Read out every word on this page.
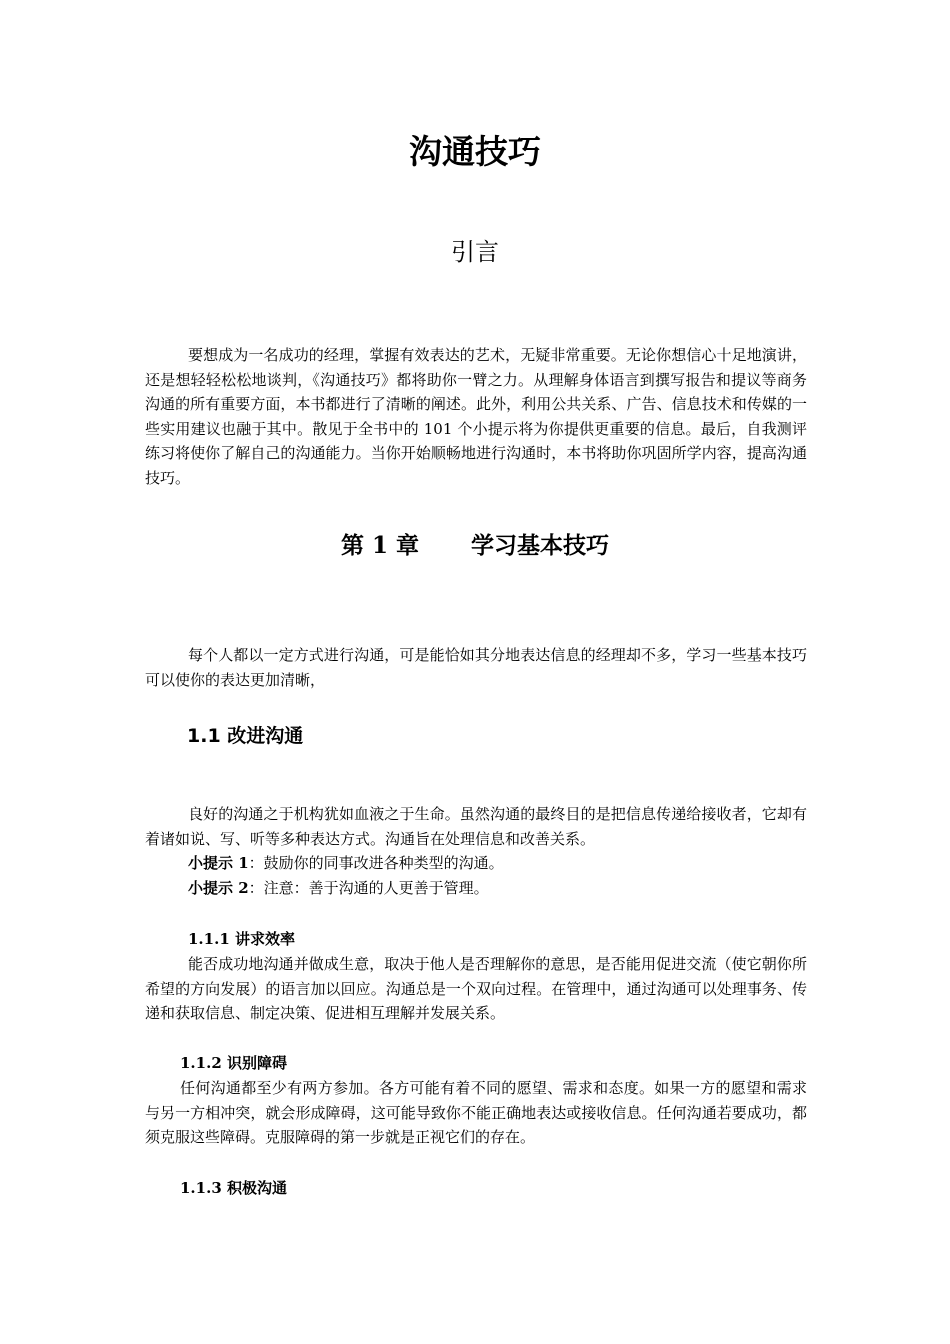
沟通技巧
引言
要想成为一名成功的经理，掌握有效表达的艺术，无疑非常重要。无论你想信心十足地演讲，还是想轻轻松松地谈判，《沟通技巧》都将助你一臂之力。从理解身体语言到撰写报告和提议等商务沟通的所有重要方面，本书都进行了清晰的阐述。此外，利用公共关系、广告、信息技术和传媒的一些实用建议也融于其中。散见于全书中的 101 个小提示将为你提供更重要的信息。最后，自我测评练习将使你了解自己的沟通能力。当你开始顺畅地进行沟通时，本书将助你巩固所学内容，提高沟通技巧。
第 1 章 学习基本技巧
每个人都以一定方式进行沟通，可是能恰如其分地表达信息的经理却不多，学习一些基本技巧可以使你的表达更加清晰，
1.1 改进沟通
良好的沟通之于机构犹如血液之于生命。虽然沟通的最终目的是把信息传递给接收者，它却有着诸如说、写、听等多种表达方式。沟通旨在处理信息和改善关系。
小提示 1：鼓励你的同事改进各种类型的沟通。
小提示 2：注意：善于沟通的人更善于管理。
1.1.1 讲求效率
能否成功地沟通并做成生意，取决于他人是否理解你的意思，是否能用促进交流（使它朝你所希望的方向发展）的语言加以回应。沟通总是一个双向过程。在管理中，通过沟通可以处理事务、传递和获取信息、制定决策、促进相互理解并发展关系。
1.1.2 识别障碍
任何沟通都至少有两方参加。各方可能有着不同的愿望、需求和态度。如果一方的愿望和需求与另一方相冲突，就会形成障碍，这可能导致你不能正确地表达或接收信息。任何沟通若要成功，都须克服这些障碍。克服障碍的第一步就是正视它们的存在。
1.1.3 积极沟通
